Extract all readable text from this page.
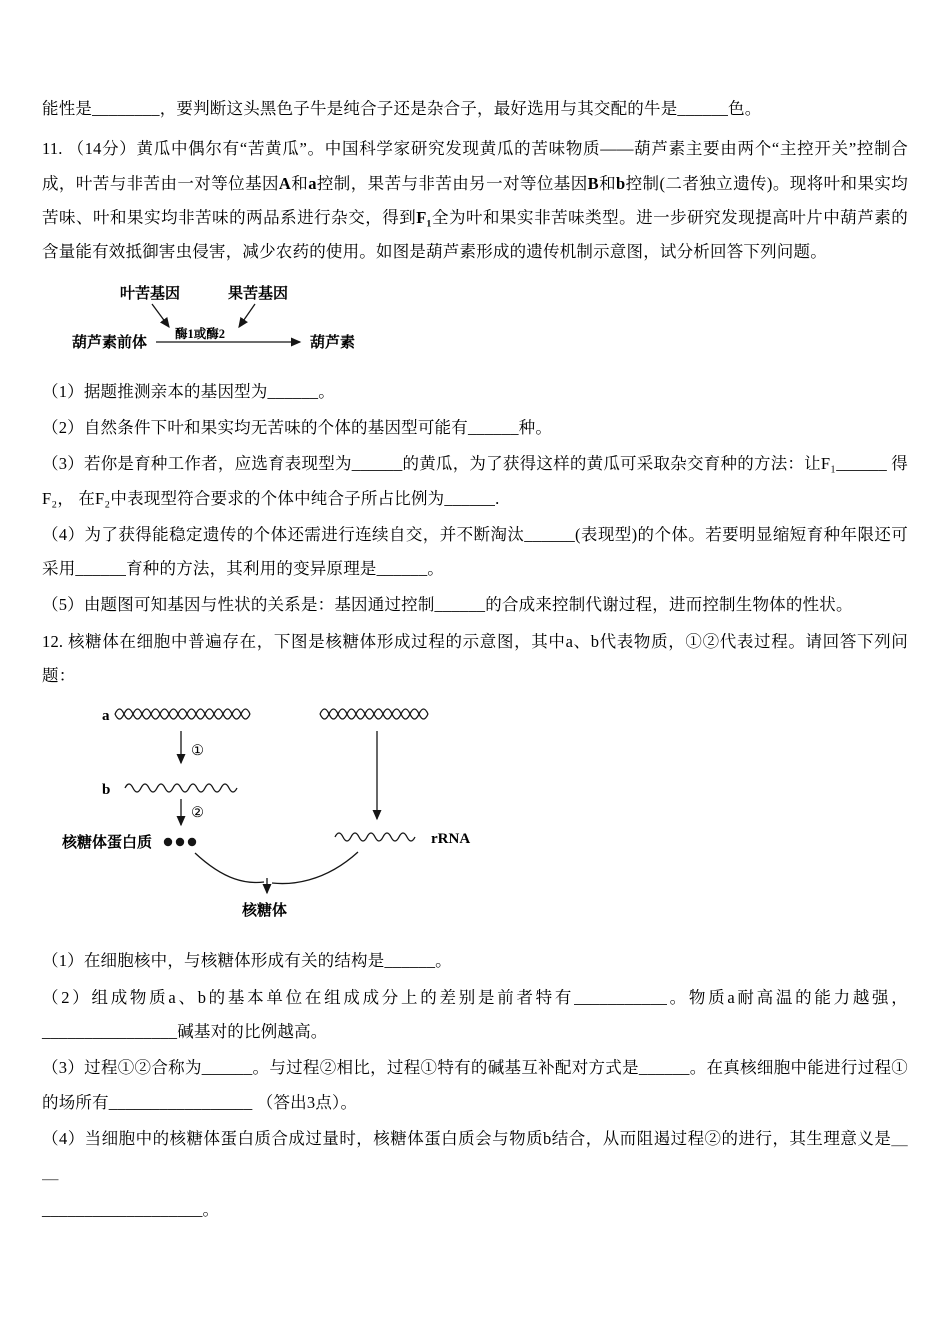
能性是________，要判断这头黑色子牛是纯合子还是杂合子，最好选用与其交配的牛是______色。

11. （14分）黄瓜中偶尔有“苦黄瓜”。中国科学家研究发现黄瓜的苦味物质——葫芦素主要由两个“主控开关”控制合成，叶苦与非苦由一对等位基因A和a控制，果苦与非苦由另一对等位基因B和b控制(二者独立遗传)。现将叶和果实均苦味、叶和果实均非苦味的两品系进行杂交，得到F₁全为叶和果实非苦味类型。进一步研究发现提高叶片中葫芦素的含量能有效抵御害虫侵害，减少农药的使用。如图是葫芦素形成的遗传机制示意图，试分析回答下列问题。

叶苦基因	果苦基因
葫芦素前体
酶1或酶2
葫芦素

（1）据题推测亲本的基因型为______。

（2）自然条件下叶和果实均无苦味的个体的基因型可能有______种。

（3）若你是育种工作者，应选育表现型为______的黄瓜，为了获得这样的黄瓜可采取杂交育种的方法：让F₁______ 得F₂， 在F₂中表现型符合要求的个体中纯合子所占比例为______.

（4）为了获得能稳定遗传的个体还需进行连续自交，并不断淘汰______(表现型)的个体。若要明显缩短育种年限还可采用______育种的方法，其利用的变异原理是______。

（5）由题图可知基因与性状的关系是：基因通过控制______的合成来控制代谢过程，进而控制生物体的性状。

12. 核糖体在细胞中普遍存在，下图是核糖体形成过程的示意图，其中a、b代表物质，①②代表过程。请回答下列问题：

a
①
b
②
核糖体蛋白质	rRNA
核糖体

（1）在细胞核中，与核糖体形成有关的结构是______。

（2）组成物质a、b的基本单位在组成成分上的差别是前者特有___________。物质a耐高温的能力越强，________________碱基对的比例越高。

（3）过程①②合称为______。与过程②相比，过程①特有的碱基互补配对方式是______。在真核细胞中能进行过程①的场所有_________________ （答出3点）。

（4）当细胞中的核糖体蛋白质合成过量时，核糖体蛋白质会与物质b结合，从而阻遏过程②的进行，其生理意义是＿＿

___________________。
